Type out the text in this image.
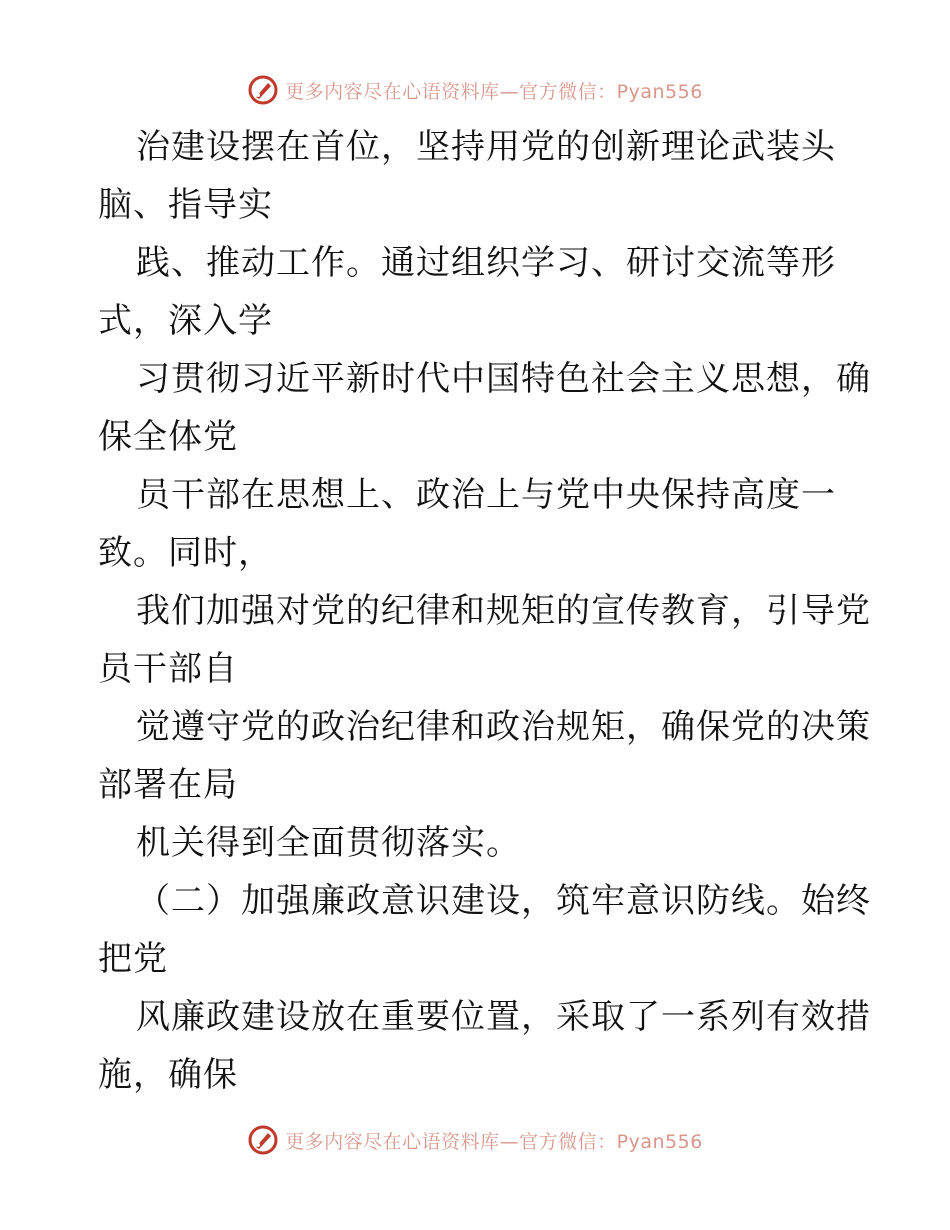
更多内容尽在心语资料库—官方微信：Pyan556
治建设摆在首位，坚持用党的创新理论武装头
脑、指导实
践、推动工作。通过组织学习、研讨交流等形
式，深入学
习贯彻习近平新时代中国特色社会主义思想，确
保全体党
员干部在思想上、政治上与党中央保持高度一
致。同时，
我们加强对党的纪律和规矩的宣传教育，引导党
员干部自
觉遵守党的政治纪律和政治规矩，确保党的决策
部署在局
机关得到全面贯彻落实。
（二）加强廉政意识建设，筑牢意识防线。始终
把党
风廉政建设放在重要位置，采取了一系列有效措
施，确保
更多内容尽在心语资料库—官方微信：Pyan556
